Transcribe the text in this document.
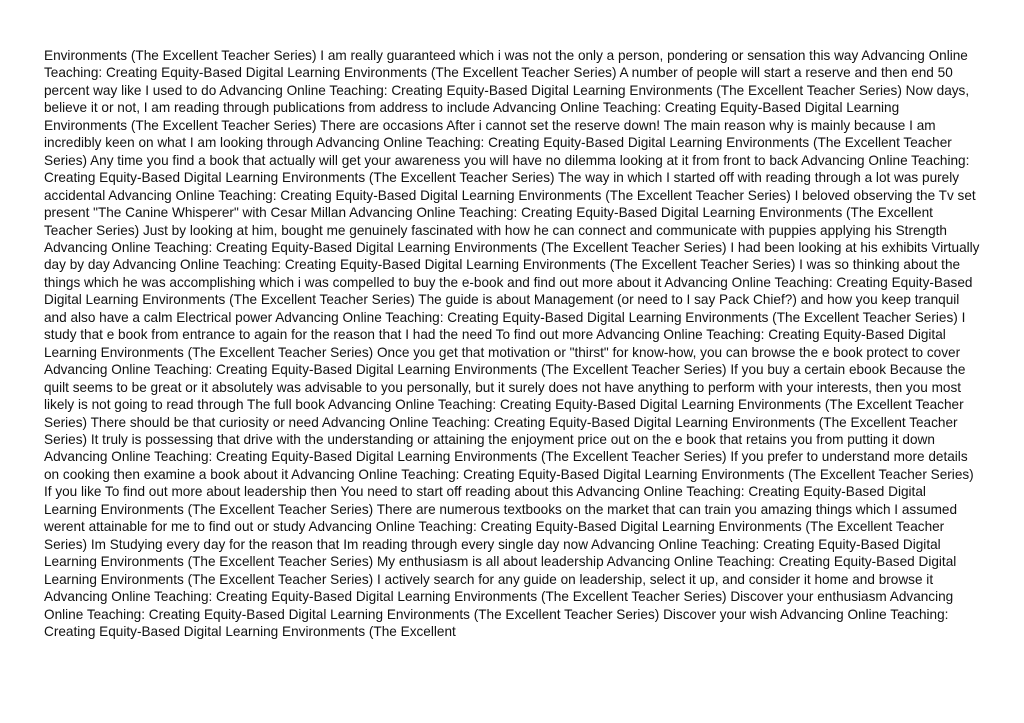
Environments (The Excellent Teacher Series) I am really guaranteed which i was not the only a person, pondering or sensation this way Advancing Online Teaching: Creating Equity-Based Digital Learning Environments (The Excellent Teacher Series) A number of people will start a reserve and then end 50 percent way like I used to do Advancing Online Teaching: Creating Equity-Based Digital Learning Environments (The Excellent Teacher Series) Now days, believe it or not, I am reading through publications from address to include Advancing Online Teaching: Creating Equity-Based Digital Learning Environments (The Excellent Teacher Series) There are occasions After i cannot set the reserve down! The main reason why is mainly because I am incredibly keen on what I am looking through Advancing Online Teaching: Creating Equity-Based Digital Learning Environments (The Excellent Teacher Series) Any time you find a book that actually will get your awareness you will have no dilemma looking at it from front to back Advancing Online Teaching: Creating Equity-Based Digital Learning Environments (The Excellent Teacher Series) The way in which I started off with reading through a lot was purely accidental Advancing Online Teaching: Creating Equity-Based Digital Learning Environments (The Excellent Teacher Series) I beloved observing the Tv set present "The Canine Whisperer" with Cesar Millan Advancing Online Teaching: Creating Equity-Based Digital Learning Environments (The Excellent Teacher Series) Just by looking at him, bought me genuinely fascinated with how he can connect and communicate with puppies applying his Strength Advancing Online Teaching: Creating Equity-Based Digital Learning Environments (The Excellent Teacher Series) I had been looking at his exhibits Virtually day by day Advancing Online Teaching: Creating Equity-Based Digital Learning Environments (The Excellent Teacher Series) I was so thinking about the things which he was accomplishing which i was compelled to buy the e-book and find out more about it Advancing Online Teaching: Creating Equity-Based Digital Learning Environments (The Excellent Teacher Series) The guide is about Management (or need to I say Pack Chief?) and how you keep tranquil and also have a calm Electrical power Advancing Online Teaching: Creating Equity-Based Digital Learning Environments (The Excellent Teacher Series) I study that e book from entrance to again for the reason that I had the need To find out more Advancing Online Teaching: Creating Equity-Based Digital Learning Environments (The Excellent Teacher Series) Once you get that motivation or "thirst" for know-how, you can browse the e book protect to cover Advancing Online Teaching: Creating Equity-Based Digital Learning Environments (The Excellent Teacher Series) If you buy a certain ebook Because the quilt seems to be great or it absolutely was advisable to you personally, but it surely does not have anything to perform with your interests, then you most likely is not going to read through The full book Advancing Online Teaching: Creating Equity-Based Digital Learning Environments (The Excellent Teacher Series) There should be that curiosity or need Advancing Online Teaching: Creating Equity-Based Digital Learning Environments (The Excellent Teacher Series) It truly is possessing that drive with the understanding or attaining the enjoyment price out on the e book that retains you from putting it down Advancing Online Teaching: Creating Equity-Based Digital Learning Environments (The Excellent Teacher Series) If you prefer to understand more details on cooking then examine a book about it Advancing Online Teaching: Creating Equity-Based Digital Learning Environments (The Excellent Teacher Series) If you like To find out more about leadership then You need to start off reading about this Advancing Online Teaching: Creating Equity-Based Digital Learning Environments (The Excellent Teacher Series) There are numerous textbooks on the market that can train you amazing things which I assumed werent attainable for me to find out or study Advancing Online Teaching: Creating Equity-Based Digital Learning Environments (The Excellent Teacher Series) Im Studying every day for the reason that Im reading through every single day now Advancing Online Teaching: Creating Equity-Based Digital Learning Environments (The Excellent Teacher Series) My enthusiasm is all about leadership Advancing Online Teaching: Creating Equity-Based Digital Learning Environments (The Excellent Teacher Series) I actively search for any guide on leadership, select it up, and consider it home and browse it Advancing Online Teaching: Creating Equity-Based Digital Learning Environments (The Excellent Teacher Series) Discover your enthusiasm Advancing Online Teaching: Creating Equity-Based Digital Learning Environments (The Excellent Teacher Series) Discover your wish Advancing Online Teaching: Creating Equity-Based Digital Learning Environments (The Excellent
